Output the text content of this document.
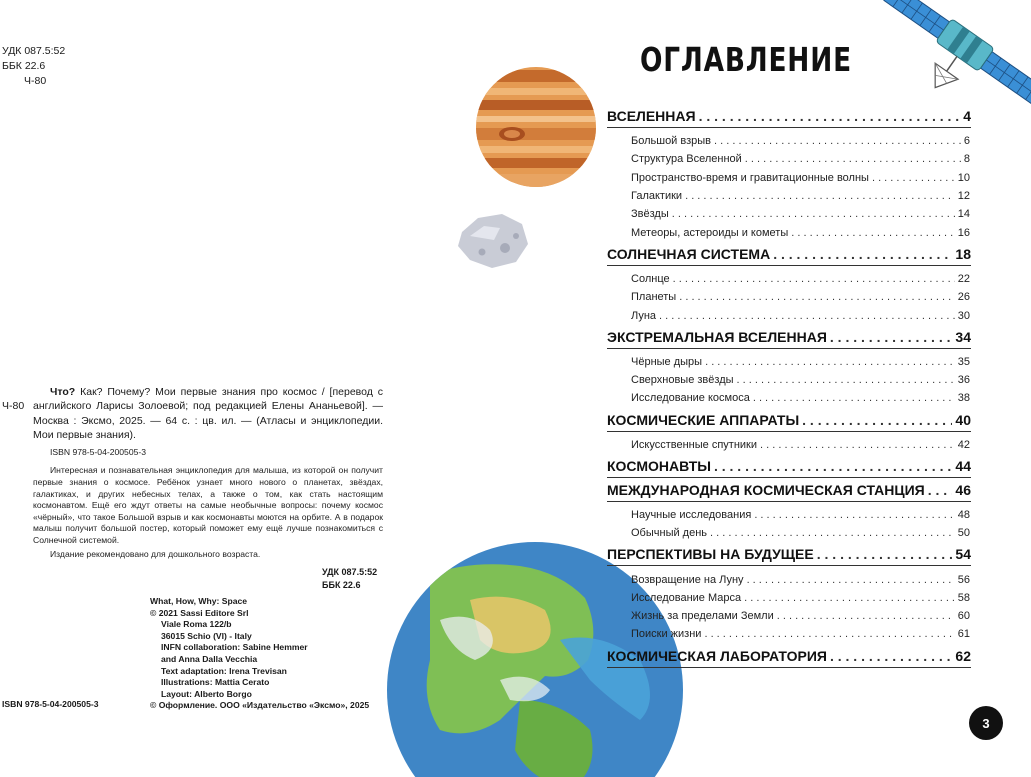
УДК 087.5:52
ББК 22.6
Ч-80
Ч-80

Что? Как? Почему? Мои первые знания про космос / [перевод с английского Ларисы Золоевой; под редакцией Елены Ананьевой]. — Москва : Эксмо, 2025. — 64 с. : цв. ил. — (Атласы и энциклопедии. Мои первые знания).

ISBN 978-5-04-200505-3

Интересная и познавательная энциклопедия для малыша, из которой он получит первые знания о космосе. Ребёнок узнает много нового о планетах, звёздах, галактиках, и других небесных телах, а также о том, как стать настоящим космонавтом. Ещё его ждут ответы на самые необычные вопросы: почему космос «чёрный», что такое Большой взрыв и как космонавты моются на орбите. А в подарок малыш получит большой постер, который поможет ему ещё лучше познакомиться с Солнечной системой.

Издание рекомендовано для дошкольного возраста.

УДК 087.5:52
ББК 22.6
What, How, Why: Space
© 2021 Sassi Editore Srl
Viale Roma 122/b
36015 Schio (VI) - Italy
INFN collaboration: Sabine Hemmer
and Anna Dalla Vecchia
Text adaptation: Irena Trevisan
Illustrations: Mattia Cerato
Layout: Alberto Borgo
© Оформление. ООО «Издательство «Эксмо», 2025
ISBN 978-5-04-200505-3
ОГЛАВЛЕНИЕ
ВСЕЛЕННАЯ . . .	4
Большой взрыв . . .	6
Структура Вселенной . . .	8
Пространство-время и гравитационные волны . . .	10
Галактики . . .	12
Звёзды . . .	14
Метеоры, астероиды и кометы . . .	16
СОЛНЕЧНАЯ СИСТЕМА . . .	18
Солнце . . .	22
Планеты . . .	26
Луна . . .	30
ЭКСТРЕМАЛЬНАЯ ВСЕЛЕННАЯ . . .	34
Чёрные дыры . . .	35
Сверхновые звёзды . . .	36
Исследование космоса . . .	38
КОСМИЧЕСКИЕ АППАРАТЫ . . .	40
Искусственные спутники . . .	42
КОСМОНАВТЫ . . .	44
МЕЖДУНАРОДНАЯ КОСМИЧЕСКАЯ СТАНЦИЯ . . . 46
Научные исследования . . .	48
Обычный день . . .	50
ПЕРСПЕКТИВЫ НА БУДУЩЕЕ . . .	54
Возвращение на Луну . . .	56
Исследование Марса . . .	58
Жизнь за пределами Земли . . .	60
Поиски жизни . . .	61
КОСМИЧЕСКАЯ ЛАБОРАТОРИЯ . . .	62
3
